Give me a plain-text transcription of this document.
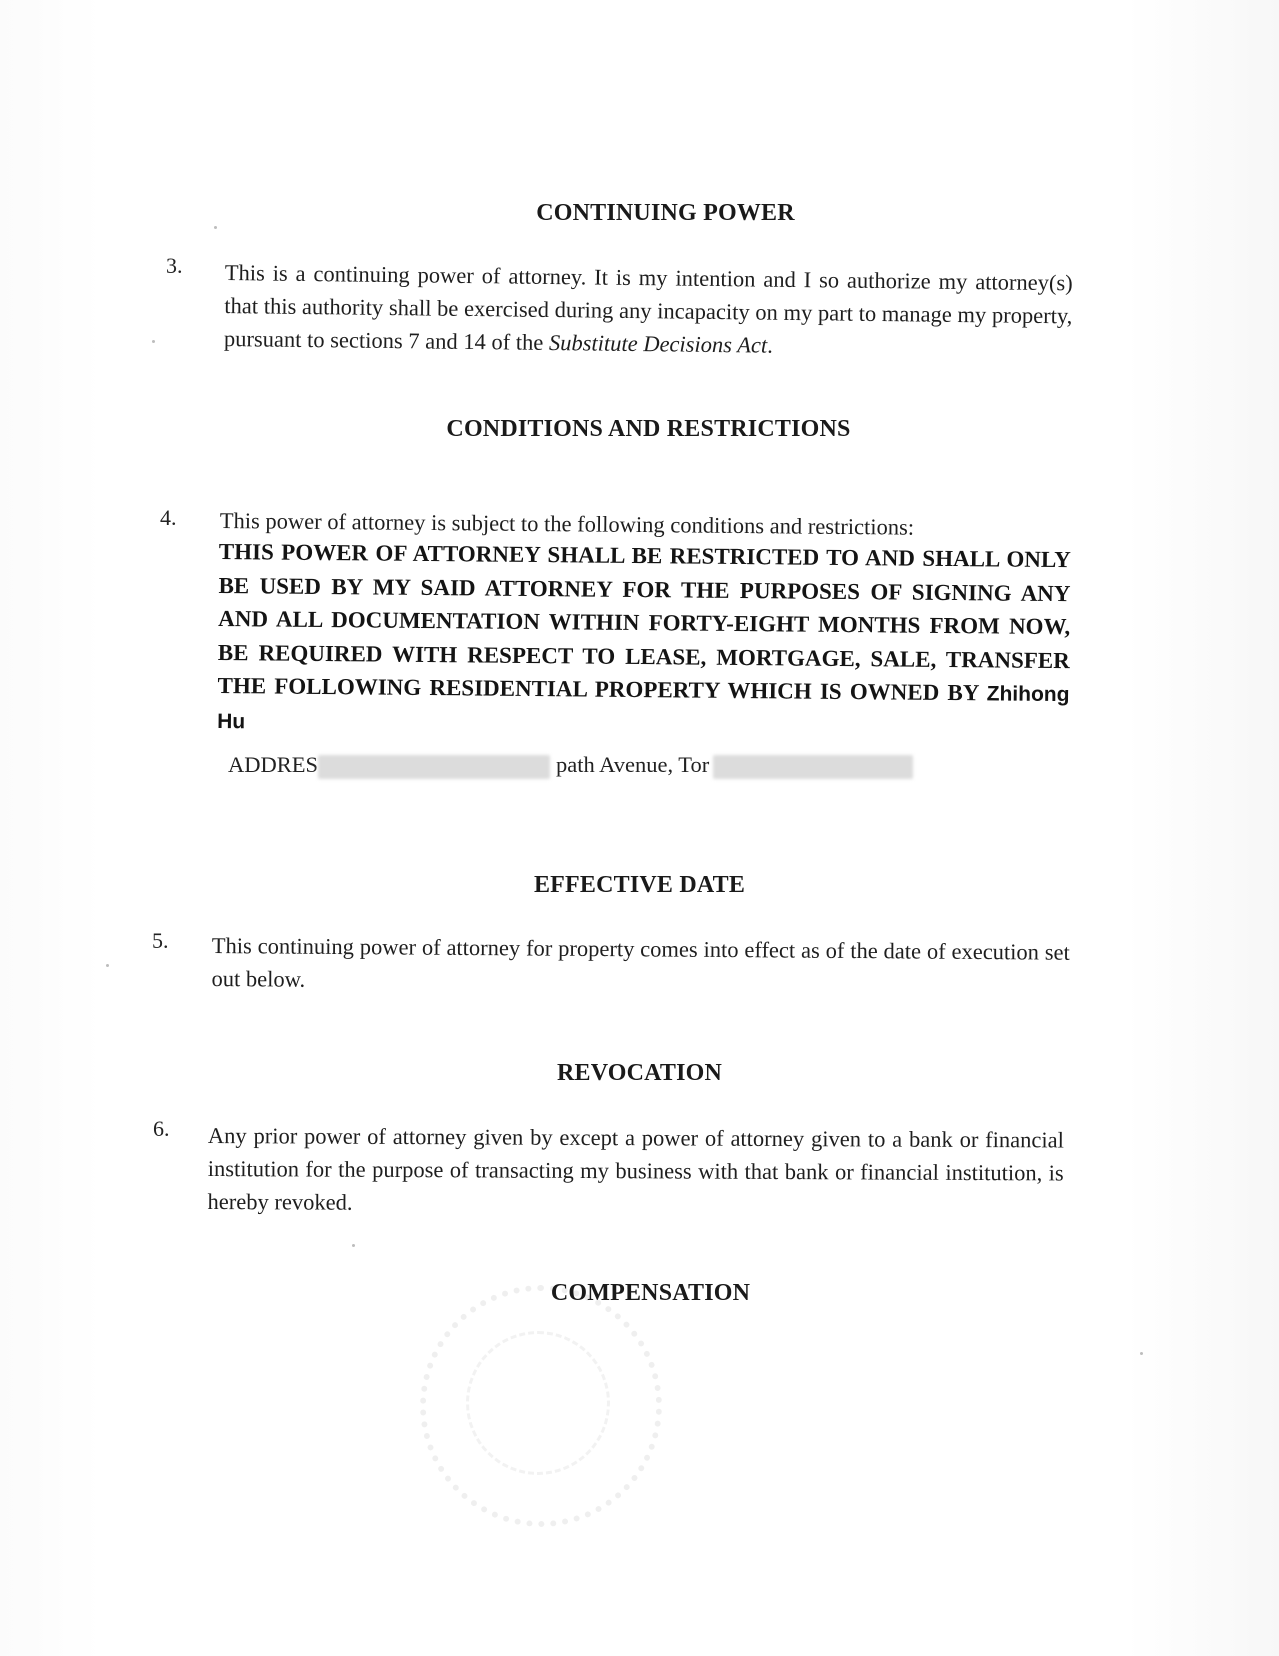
CONTINUING POWER
3. This is a continuing power of attorney. It is my intention and I so authorize my attorney(s) that this authority shall be exercised during any incapacity on my part to manage my property, pursuant to sections 7 and 14 of the Substitute Decisions Act.
CONDITIONS AND RESTRICTIONS
4. This power of attorney is subject to the following conditions and restrictions:
THIS POWER OF ATTORNEY SHALL BE RESTRICTED TO AND SHALL ONLY BE USED BY MY SAID ATTORNEY FOR THE PURPOSES OF SIGNING ANY AND ALL DOCUMENTATION WITHIN FORTY-EIGHT MONTHS FROM NOW, BE REQUIRED WITH RESPECT TO LEASE, MORTGAGE, SALE, TRANSFER THE FOLLOWING RESIDENTIAL PROPERTY WHICH IS OWNED BY Zhihong Hu
ADDRES	path Avenue, Tor
EFFECTIVE DATE
5. This continuing power of attorney for property comes into effect as of the date of execution set out below.
REVOCATION
6. Any prior power of attorney given by except a power of attorney given to a bank or financial institution for the purpose of transacting my business with that bank or financial institution, is hereby revoked.
COMPENSATION
